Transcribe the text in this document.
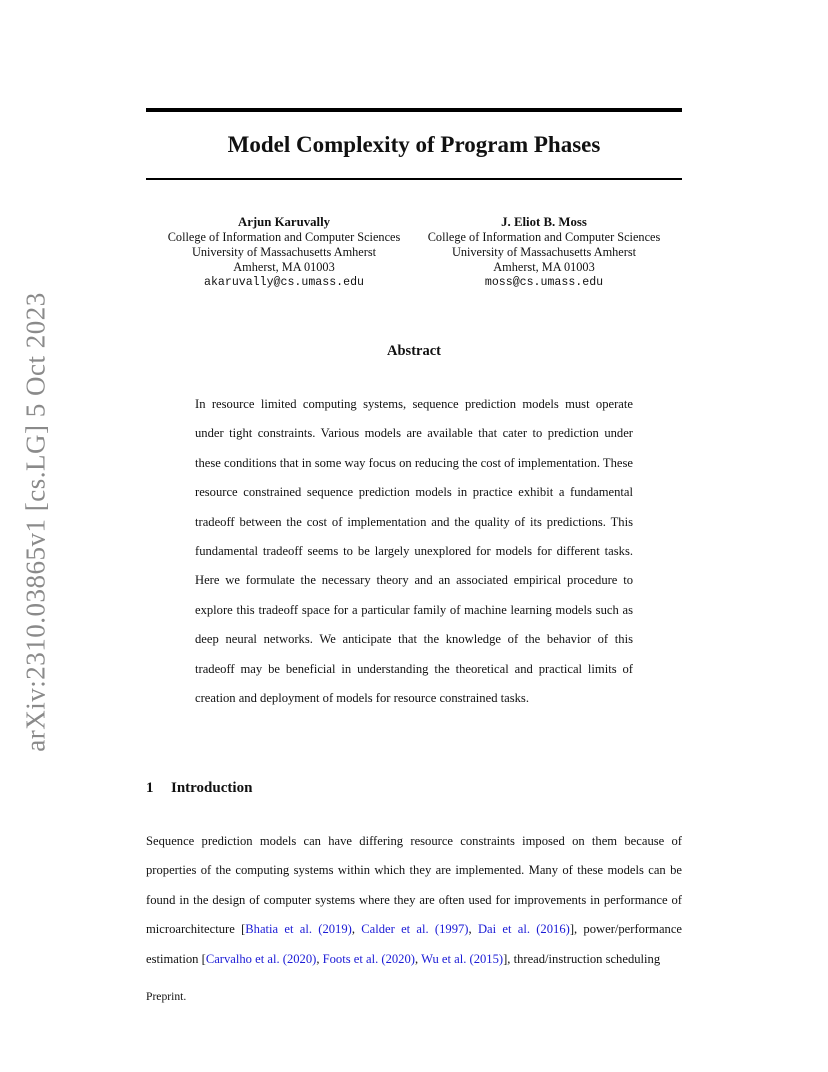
arXiv:2310.03865v1 [cs.LG] 5 Oct 2023
Model Complexity of Program Phases
Arjun Karuvally
College of Information and Computer Sciences
University of Massachusetts Amherst
Amherst, MA 01003
akaruvally@cs.umass.edu
J. Eliot B. Moss
College of Information and Computer Sciences
University of Massachusetts Amherst
Amherst, MA 01003
moss@cs.umass.edu
Abstract
In resource limited computing systems, sequence prediction models must operate under tight constraints. Various models are available that cater to prediction under these conditions that in some way focus on reducing the cost of implementation. These resource constrained sequence prediction models in practice exhibit a fundamental tradeoff between the cost of implementation and the quality of its predictions. This fundamental tradeoff seems to be largely unexplored for models for different tasks. Here we formulate the necessary theory and an associated empirical procedure to explore this tradeoff space for a particular family of machine learning models such as deep neural networks. We anticipate that the knowledge of the behavior of this tradeoff may be beneficial in understanding the theoretical and practical limits of creation and deployment of models for resource constrained tasks.
1 Introduction
Sequence prediction models can have differing resource constraints imposed on them because of properties of the computing systems within which they are implemented. Many of these models can be found in the design of computer systems where they are often used for improvements in performance of microarchitecture [Bhatia et al. (2019), Calder et al. (1997), Dai et al. (2016)], power/performance estimation [Carvalho et al. (2020), Foots et al. (2020), Wu et al. (2015)], thread/instruction scheduling
Preprint.
